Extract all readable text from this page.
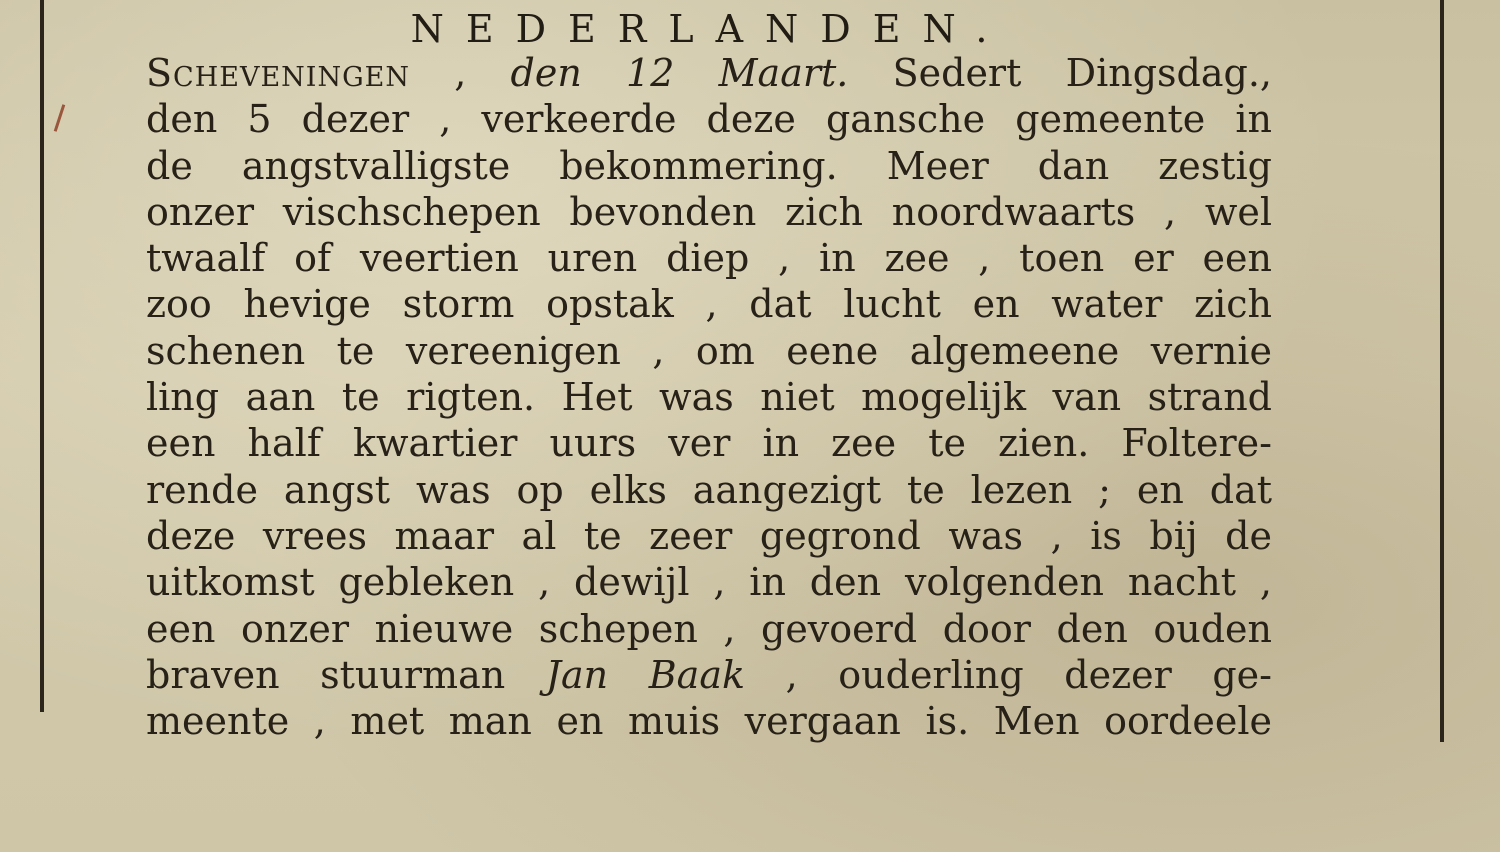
NEDERLANDEN.
Scheveningen , den 12 Maart. Sedert Dingsdag.,
den 5 dezer , verkeerde deze gansche gemeente in
de angstvalligste bekommering. Meer dan zestig
onzer vischschepen bevonden zich noordwaarts , wel
twaalf of veertien uren diep , in zee , toen er een
zoo hevige storm opstak , dat lucht en water zich
schenen te vereenigen , om eene algemeene vernie
ling aan te rigten. Het was niet mogelijk van strand
een half kwartier uurs ver in zee te zien. Foltere-
rende angst was op elks aangezigt te lezen ; en dat
deze vrees maar al te zeer gegrond was , is bij de
uitkomst gebleken , dewijl , in den volgenden nacht ,
een onzer nieuwe schepen , gevoerd door den ouden
braven stuurman Jan Baak , ouderling dezer ge-
meente , met man en muis vergaan is. Men oordeele
